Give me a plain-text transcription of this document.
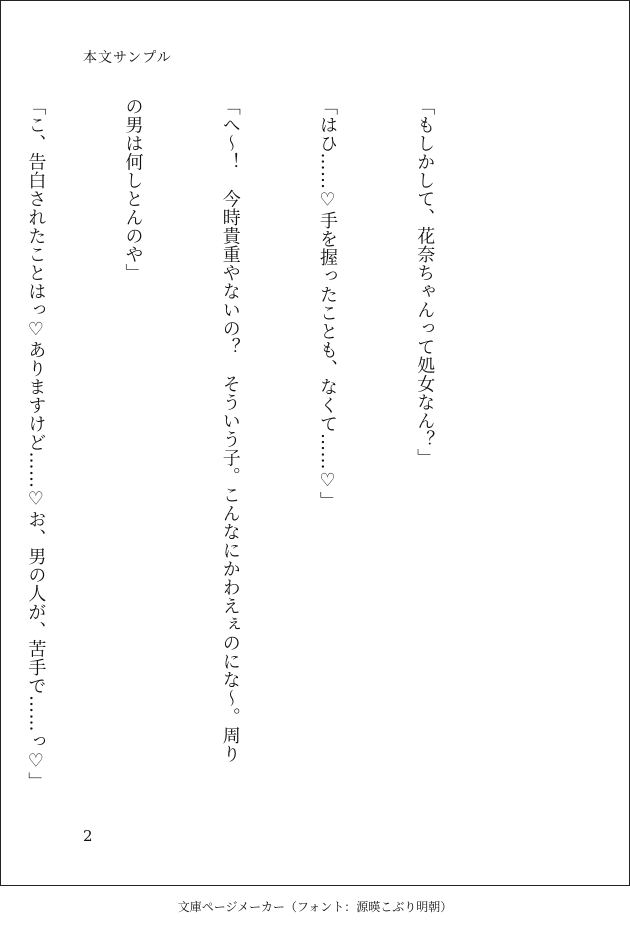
本文サンプル

「もしかして、花奈ちゃんって処女なん？」

「はひ……♡手を握ったことも、なくて……♡」

「へ〜！　今時貴重やないの？　そういう子。こんなにかわえぇのにな〜。周り

の男は何しとんのや」

「こ、告白されたことはっ♡ありますけど……♡お、男の人が、苦手で……っ♡」

2
文庫ページメーカー（フォント：源暎こぶり明朝）
